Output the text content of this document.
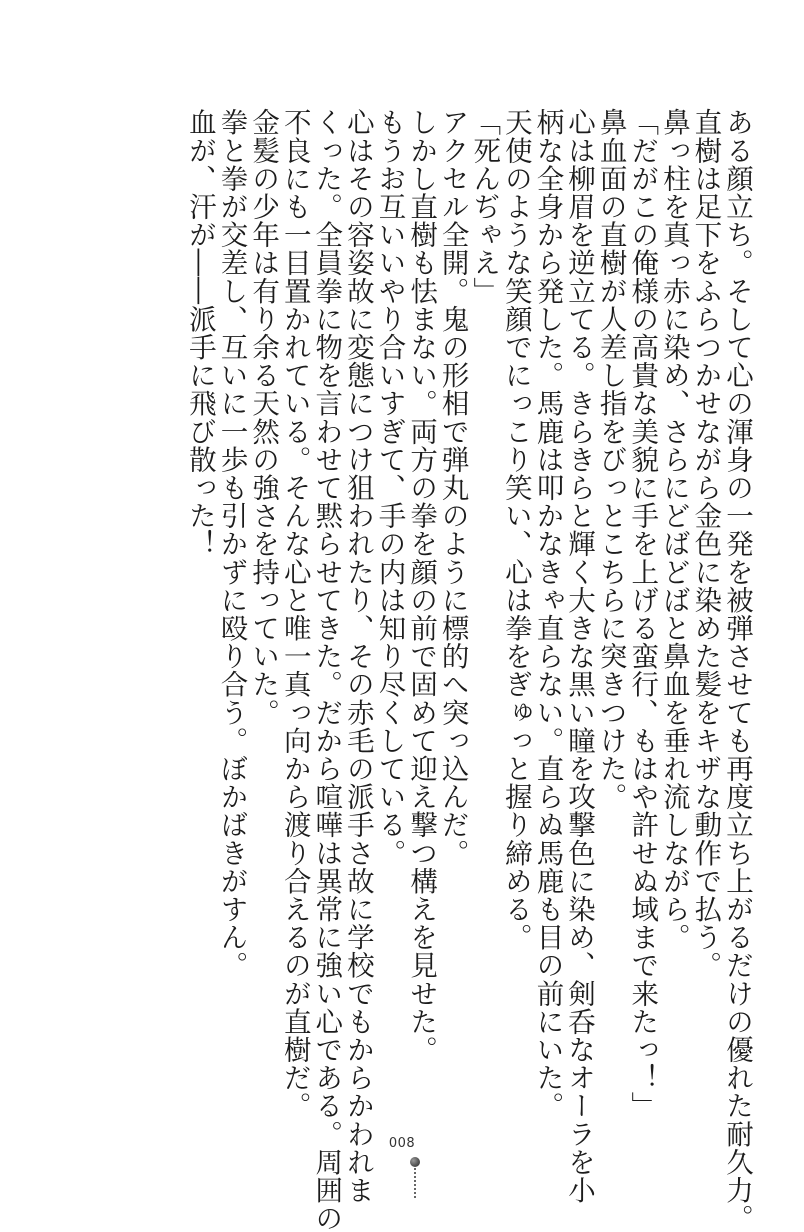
ある顔立ち。そして心の渾身の一発を被弾させても再度立ち上がるだけの優れた耐久力。
直樹は足下をふらつかせながら金色に染めた髪をキザな動作で払う。
鼻っ柱を真っ赤に染め、さらにどばどばと鼻血を垂れ流しながら。
「だがこの俺様の高貴な美貌に手を上げる蛮行、もはや許せぬ域まで来たっ！」
鼻血面の直樹が人差し指をびっとこちらに突きつけた。
心は柳眉を逆立てる。きらきらと輝く大きな黒い瞳を攻撃色に染め、剣呑なオーラを小
柄な全身から発した。馬鹿は叩かなきゃ直らない。直らぬ馬鹿も目の前にいた。
天使のような笑顔でにっこり笑い、心は拳をぎゅっと握り締める。
「死んぢゃえ」
アクセル全開。鬼の形相で弾丸のように標的へ突っ込んだ。
しかし直樹も怯まない。両方の拳を顔の前で固めて迎え撃つ構えを見せた。
もうお互いいやり合いすぎて、手の内は知り尽くしている。
心はその容姿故に変態につけ狙われたり、その赤毛の派手さ故に学校でもからかわれま
くった。全員拳に物を言わせて黙らせてきた。だから喧嘩は異常に強い心である。周囲の
不良にも一目置かれている。そんな心と唯一真っ向から渡り合えるのが直樹だ。
金髪の少年は有り余る天然の強さを持っていた。
拳と拳が交差し、互いに一歩も引かずに殴り合う。ぼかばきがすん。
血が、汗が――派手に飛び散った！
008
